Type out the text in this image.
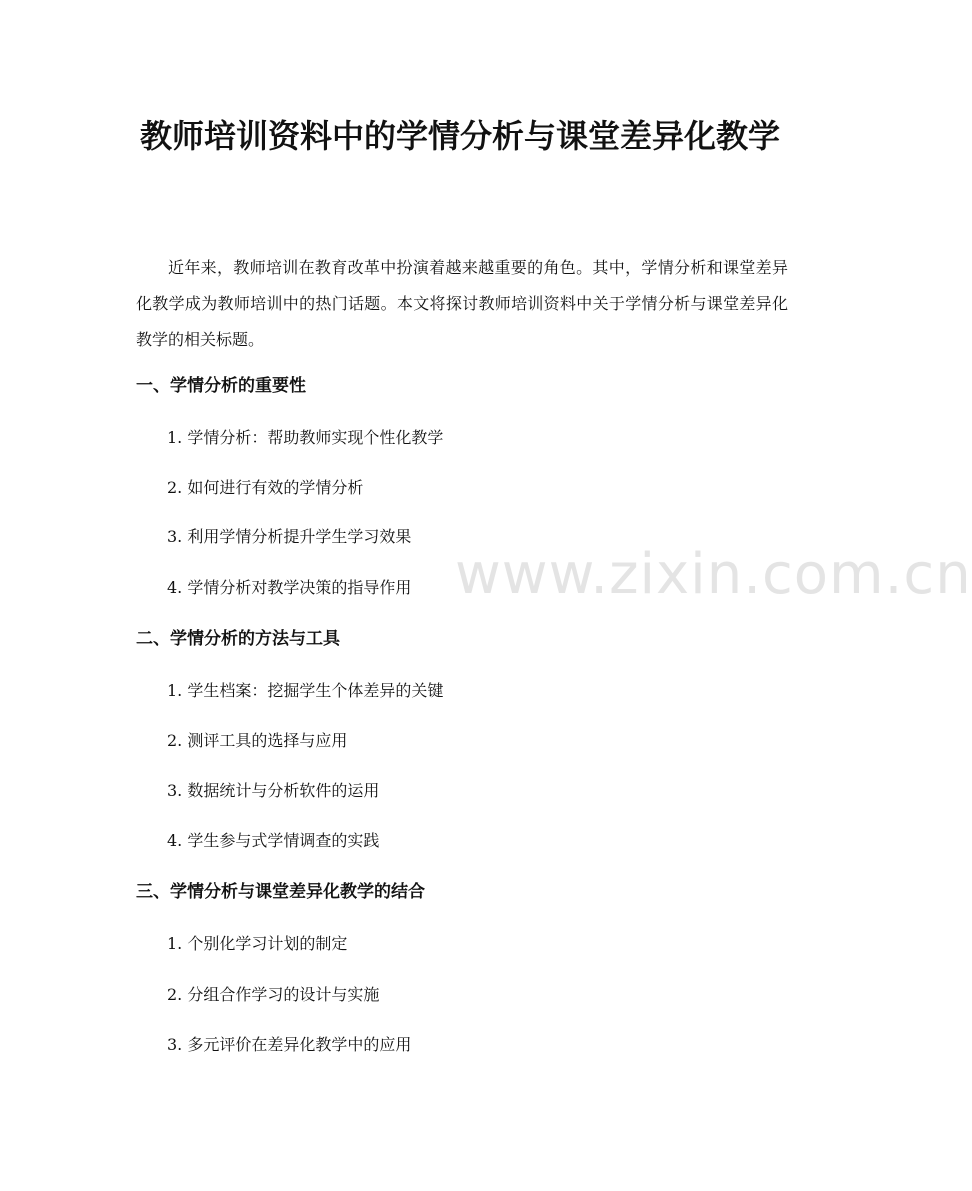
教师培训资料中的学情分析与课堂差异化教学

近年来，教师培训在教育改革中扮演着越来越重要的角色。其中，学情分析和课堂差异化教学成为教师培训中的热门话题。本文将探讨教师培训资料中关于学情分析与课堂差异化教学的相关标题。

www.zixin.com.cn
一、学情分析的重要性

1. 学情分析：帮助教师实现个性化教学

2. 如何进行有效的学情分析

3. 利用学情分析提升学生学习效果

4. 学情分析对教学决策的指导作用

二、学情分析的方法与工具

1. 学生档案：挖掘学生个体差异的关键

2. 测评工具的选择与应用

3. 数据统计与分析软件的运用

4. 学生参与式学情调查的实践

三、学情分析与课堂差异化教学的结合

1. 个别化学习计划的制定

2. 分组合作学习的设计与实施

3. 多元评价在差异化教学中的应用
